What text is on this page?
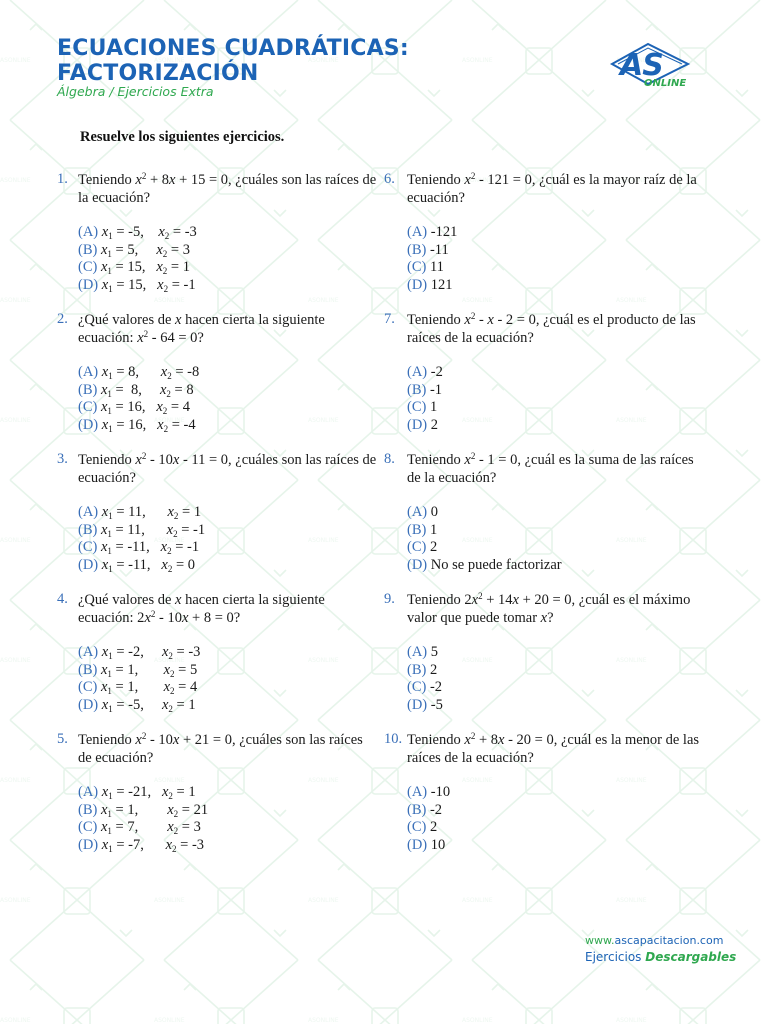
ECUACIONES CUADRÁTICAS:
FACTORIZACIÓN
Álgebra / Ejercicios Extra
AS
ONLINE
Resuelve los siguientes ejercicios.
1. Teniendo $x^2 + 8x + 15 = 0$, ¿cuáles son las raíces de la ecuación?
(A) $x_1 = -5$,    $x_2 = -3$
(B) $x_1 = 5$,     $x_2 = 3$
(C) $x_1 = 15$,   $x_2 = 1$
(D) $x_1 = 15$,   $x_2 = -1$
2. ¿Qué valores de x hacen cierta la siguiente ecuación: $x^2 - 64 = 0$?
(A) $x_1 = 8$,      $x_2 = -8$
(B) $x_1 = 8$,     $x_2 = 8$
(C) $x_1 = 16$,   $x_2 = 4$
(D) $x_1 = 16$,   $x_2 = -4$
3. Teniendo $x^2 - 10x - 11 = 0$, ¿cuáles son las raíces de ecuación?
(A) $x_1 = 11$,      $x_2 = 1$
(B) $x_1 = 11$,      $x_2 = -1$
(C) $x_1 = -11$,   $x_2 = -1$
(D) $x_1 = -11$,   $x_2 = 0$
4. ¿Qué valores de x hacen cierta la siguiente ecuación: $2x^2 - 10x + 8 = 0$?
(A) $x_1 = -2$,     $x_2 = -3$
(B) $x_1 = 1$,       $x_2 = 5$
(C) $x_1 = 1$,       $x_2 = 4$
(D) $x_1 = -5$,     $x_2 = 1$
5. Teniendo $x^2 - 10x + 21 = 0$, ¿cuáles son las raíces de ecuación?
(A) $x_1 = -21$,   $x_2 = 1$
(B) $x_1 = 1$,        $x_2 = 21$
(C) $x_1 = 7$,        $x_2 = 3$
(D) $x_1 = -7$,      $x_2 = -3$
6. Teniendo $x^2 - 121 = 0$, ¿cuál es la mayor raíz de la ecuación?
(A) -121
(B) -11
(C) 11
(D) 121
7. Teniendo $x^2 - x - 2 = 0$, ¿cuál es el producto de las raíces de la ecuación?
(A) -2
(B) -1
(C) 1
(D) 2
8. Teniendo $x^2 - 1 = 0$, ¿cuál es la suma de las raíces de la ecuación?
(A) 0
(B) 1
(C) 2
(D) No se puede factorizar
9. Teniendo $2x^2 + 14x + 20 = 0$, ¿cuál es el máximo valor que puede tomar x?
(A) 5
(B) 2
(C) -2
(D) -5
10. Teniendo $x^2 + 8x - 20 = 0$, ¿cuál es la menor de las raíces de la ecuación?
(A) -10
(B) -2
(C) 2
(D) 10
www.ascapacitacion.com
Ejercicios Descargables
